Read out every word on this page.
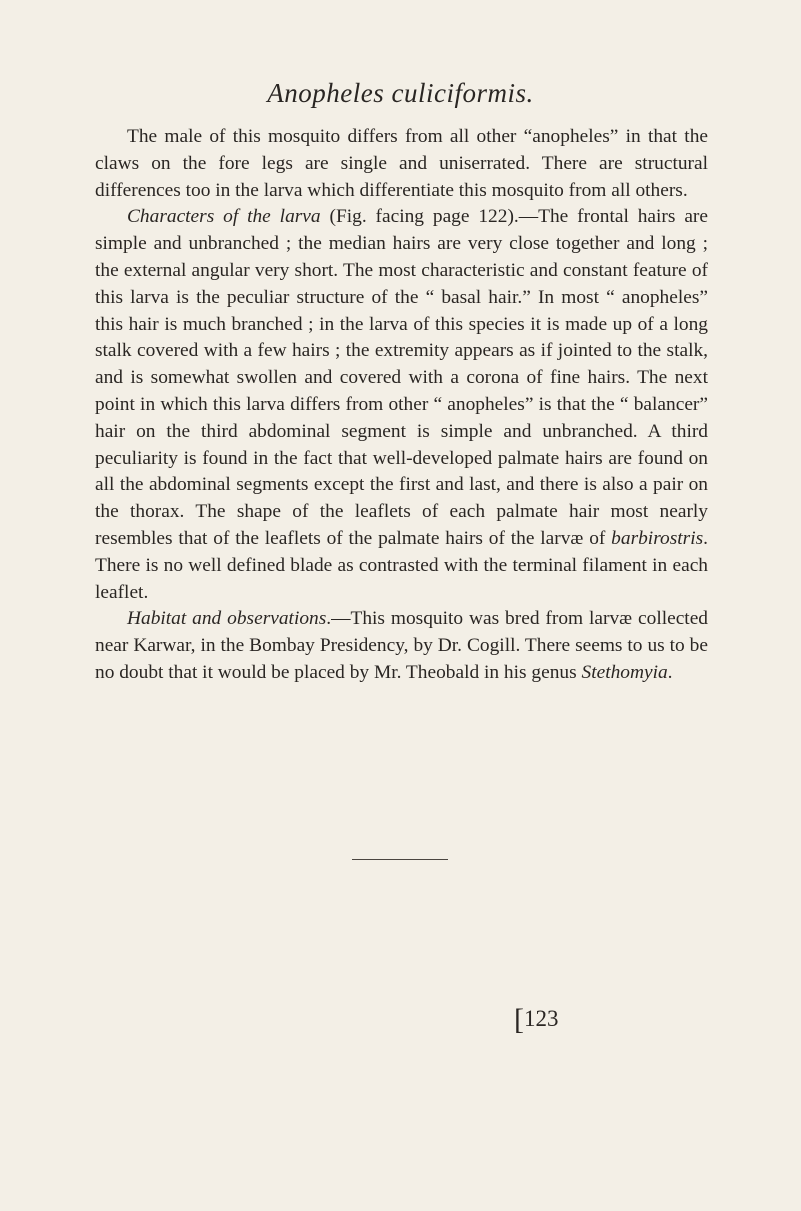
Anopheles culiciformis.

The male of this mosquito differs from all other “anopheles” in that the claws on the fore legs are single and uniserrated. There are structural differences too in the larva which differentiate this mosquito from all others.

Characters of the larva (Fig. facing page 122).—The frontal hairs are simple and unbranched ; the median hairs are very close together and long ; the external angular very short. The most characteristic and constant feature of this larva is the peculiar structure of the “ basal hair.” In most “ anopheles” this hair is much branched ; in the larva of this species it is made up of a long stalk covered with a few hairs ; the extremity appears as if jointed to the stalk, and is somewhat swollen and covered with a corona of fine hairs. The next point in which this larva differs from other “ anopheles” is that the “ balancer” hair on the third abdominal segment is simple and unbranched. A third peculiarity is found in the fact that well-developed palmate hairs are found on all the abdominal segments except the first and last, and there is also a pair on the thorax. The shape of the leaflets of each palmate hair most nearly resembles that of the leaflets of the palmate hairs of the larvæ of barbirostris. There is no well defined blade as contrasted with the terminal filament in each leaflet.

Habitat and observations.—This mosquito was bred from larvæ collected near Karwar, in the Bombay Presidency, by Dr. Cogill. There seems to us to be no doubt that it would be placed by Mr. Theobald in his genus Stethomyia.

[123
